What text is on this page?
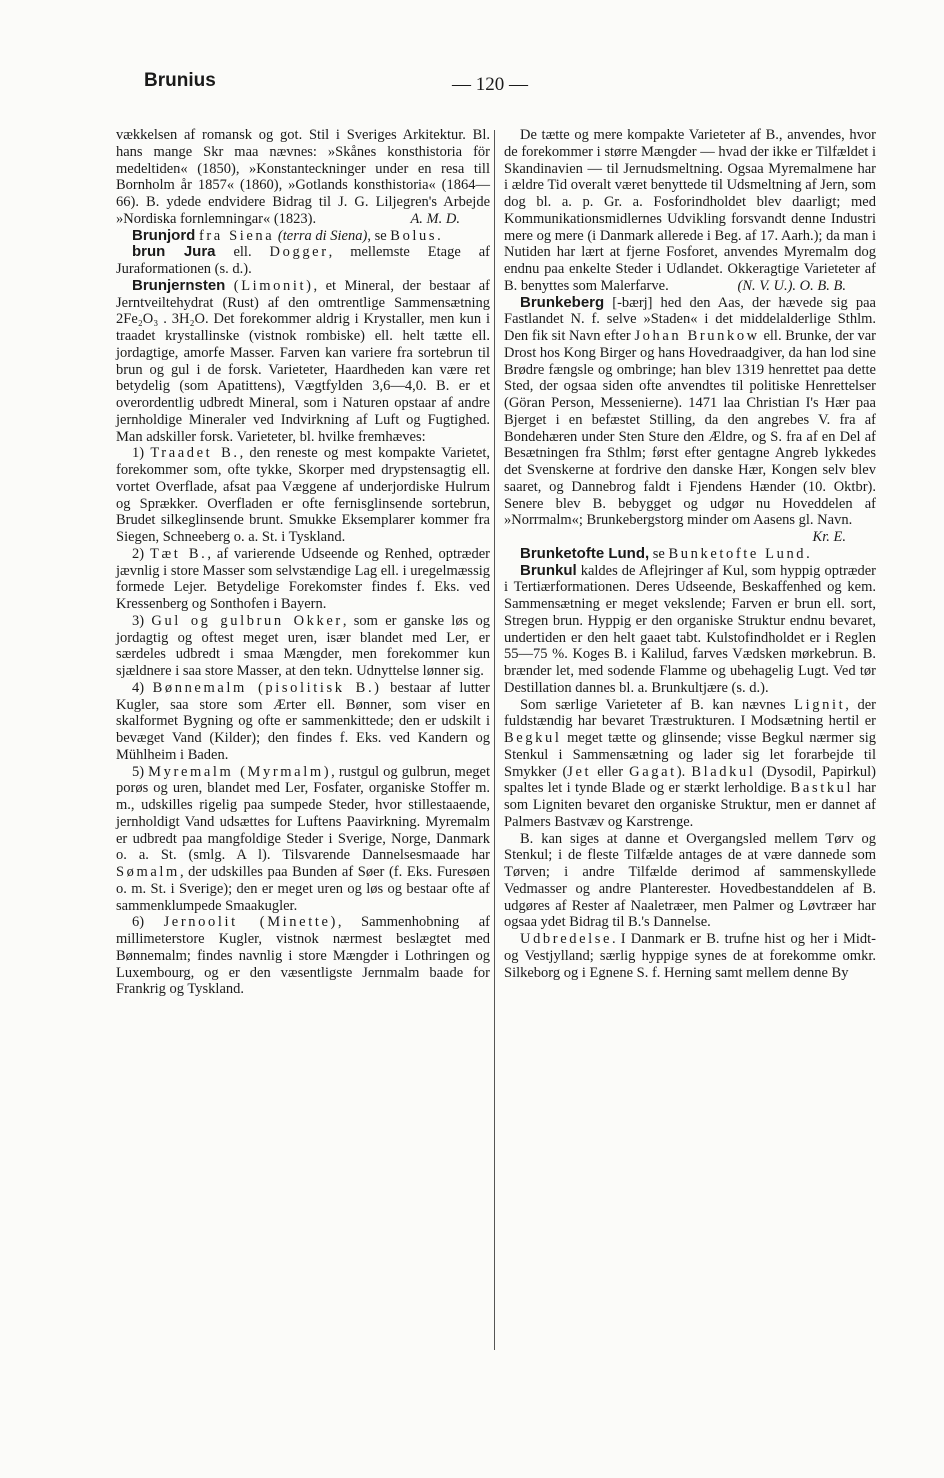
Brunius	— 120 —

vækkelsen af romansk og got. Stil i Sveriges Arkitektur. Bl. hans mange Skr maa nævnes: »Skånes konsthistoria för medeltiden« (1850), »Konstanteckninger under en resa till Bornholm år 1857« (1860), »Gotlands konsthistoria« (1864—66). B. ydede endvidere Bidrag til J. G. Liljegren's Arbejde »Nordiska fornlemningar« (1823).	A. M. D.

Brunjord fra Siena (terra di Siena), se Bolus.

brun Jura ell. Dogger, mellemste Etage af Juraformationen (s. d.).

Brunjernsten (Limonit), et Mineral, der bestaar af Jerntveiltehydrat (Rust) af den omtrentlige Sammensætning 2Fe₂O₃ . 3H₂O. Det forekommer aldrig i Krystaller, men kun i traadet krystallinske (vistnok rombiske) ell. helt tætte ell. jordagtige, amorfe Masser. Farven kan variere fra sortebrun til brun og gul i de forsk. Varieteter, Haardheden kan være ret betydelig (som Apatittens), Vægtfylden 3,6—4,0. B. er et overordentlig udbredt Mineral, som i Naturen opstaar af andre jernholdige Mineraler ved Indvirkning af Luft og Fugtighed. Man adskiller forsk. Varieteter, bl. hvilke fremhæves:

1) Traadet B., den reneste og mest kompakte Varietet, forekommer som, ofte tykke, Skorper med drypstensagtig ell. vortet Overflade, afsat paa Væggene af underjordiske Hulrum og Sprækker. Overfladen er ofte fernisglinsende sortebrun, Brudet silkeglinsende brunt. Smukke Eksemplarer kommer fra Siegen, Schneeberg o. a. St. i Tyskland.

2) Tæt B., af varierende Udseende og Renhed, optræder jævnlig i store Masser som selvstændige Lag ell. i uregelmæssig formede Lejer. Betydelige Forekomster findes f. Eks. ved Kressenberg og Sonthofen i Bayern.

3) Gul og gulbrun Okker, som er ganske løs og jordagtig og oftest meget uren, især blandet med Ler, er særdeles udbredt i smaa Mængder, men forekommer kun sjældnere i saa store Masser, at den tekn. Udnyttelse lønner sig.

4) Bønnemalm (pisolitisk B.) bestaar af lutter Kugler, saa store som Ærter ell. Bønner, som viser en skalformet Bygning og ofte er sammenkittede; den er udskilt i bevæget Vand (Kilder); den findes f. Eks. ved Kandern og Mühlheim i Baden.

5) Myremalm (Myrmalm), rustgul og gulbrun, meget porøs og uren, blandet med Ler, Fosfater, organiske Stoffer m. m., udskilles rigelig paa sumpede Steder, hvor stillestaaende, jernholdigt Vand udsættes for Luftens Paavirkning. Myremalm er udbredt paa mangfoldige Steder i Sverige, Norge, Danmark o. a. St. (smlg. A l). Tilsvarende Dannelsesmaade har Sømalm, der udskilles paa Bunden af Søer (f. Eks. Furesøen o. m. St. i Sverige); den er meget uren og løs og bestaar ofte af sammenklumpede Smaakugler.

6) Jernoolit (Minette), Sammenhobning af millimeterstore Kugler, vistnok nærmest beslægtet med Bønnemalm; findes navnlig i store Mængder i Lothringen og Luxembourg, og er den væsentligste Jernmalm baade for Frankrig og Tyskland.

De tætte og mere kompakte Varieteter af B., anvendes, hvor de forekommer i større Mængder — hvad der ikke er Tilfældet i Skandinavien — til Jernudsmeltning. Ogsaa Myremalmene har i ældre Tid overalt været benyttede til Udsmeltning af Jern, som dog bl. a. p. Gr. a. Fosforindholdet blev daarligt; med Kommunikationsmidlernes Udvikling forsvandt denne Industri mere og mere (i Danmark allerede i Beg. af 17. Aarh.); da man i Nutiden har lært at fjerne Fosforet, anvendes Myremalm dog endnu paa enkelte Steder i Udlandet. Okkeragtige Varieteter af B. benyttes som Malerfarve.	(N. V. U.). O. B. B.

Brunkeberg [-bærj] hed den Aas, der hævede sig paa Fastlandet N. f. selve »Staden« i det middelalderlige Sthlm. Den fik sit Navn efter Johan Brunkow ell. Brunke, der var Drost hos Kong Birger og hans Hovedraadgiver, da han lod sine Brødre fængsle og ombringe; han blev 1319 henrettet paa dette Sted, der ogsaa siden ofte anvendtes til politiske Henrettelser (Göran Person, Messenierne). 1471 laa Christian I's Hær paa Bjerget i en befæstet Stilling, da den angrebes V. fra af Bondehæren under Sten Sture den Ældre, og S. fra af en Del af Besætningen fra Sthlm; først efter gentagne Angreb lykkedes det Svenskerne at fordrive den danske Hær, Kongen selv blev saaret, og Dannebrog faldt i Fjendens Hænder (10. Oktbr). Senere blev B. bebygget og udgør nu Hoveddelen af »Norrmalm«; Brunkebergstorg minder om Aasens gl. Navn.
Kr. E.

Brunketofte Lund, se Bunketofte Lund.

Brunkul kaldes de Aflejringer af Kul, som hyppig optræder i Tertiærformationen. Deres Udseende, Beskaffenhed og kem. Sammensætning er meget vekslende; Farven er brun ell. sort, Stregen brun. Hyppig er den organiske Struktur endnu bevaret, undertiden er den helt gaaet tabt. Kulstofindholdet er i Reglen 55—75 %. Koges B. i Kalilud, farves Vædsken mørkebrun. B. brænder let, med sodende Flamme og ubehagelig Lugt. Ved tør Destillation dannes bl. a. Brunkultjære (s. d.).

Som særlige Varieteter af B. kan nævnes Lignit, der fuldstændig har bevaret Træstrukturen. I Modsætning hertil er Begkul meget tætte og glinsende; visse Begkul nærmer sig Stenkul i Sammensætning og lader sig let forarbejde til Smykker (Jet eller Gagat). Bladkul (Dysodil, Papirkul) spaltes let i tynde Blade og er stærkt lerholdige. Bastkul har som Ligniten bevaret den organiske Struktur, men er dannet af Palmers Bastvæv og Karstrenge.

B. kan siges at danne et Overgangsled mellem Tørv og Stenkul; i de fleste Tilfælde antages de at være dannede som Tørven; i andre Tilfælde derimod af sammenskyllede Vedmasser og andre Planterester. Hovedbestanddelen af B. udgøres af Rester af Naaletræer, men Palmer og Løvtræer har ogsaa ydet Bidrag til B.'s Dannelse.

Udbredelse. I Danmark er B. trufne hist og her i Midt- og Vestjylland; særlig hyppige synes de at forekomme omkr. Silkeborg og i Egnene S. f. Herning samt mellem denne By
